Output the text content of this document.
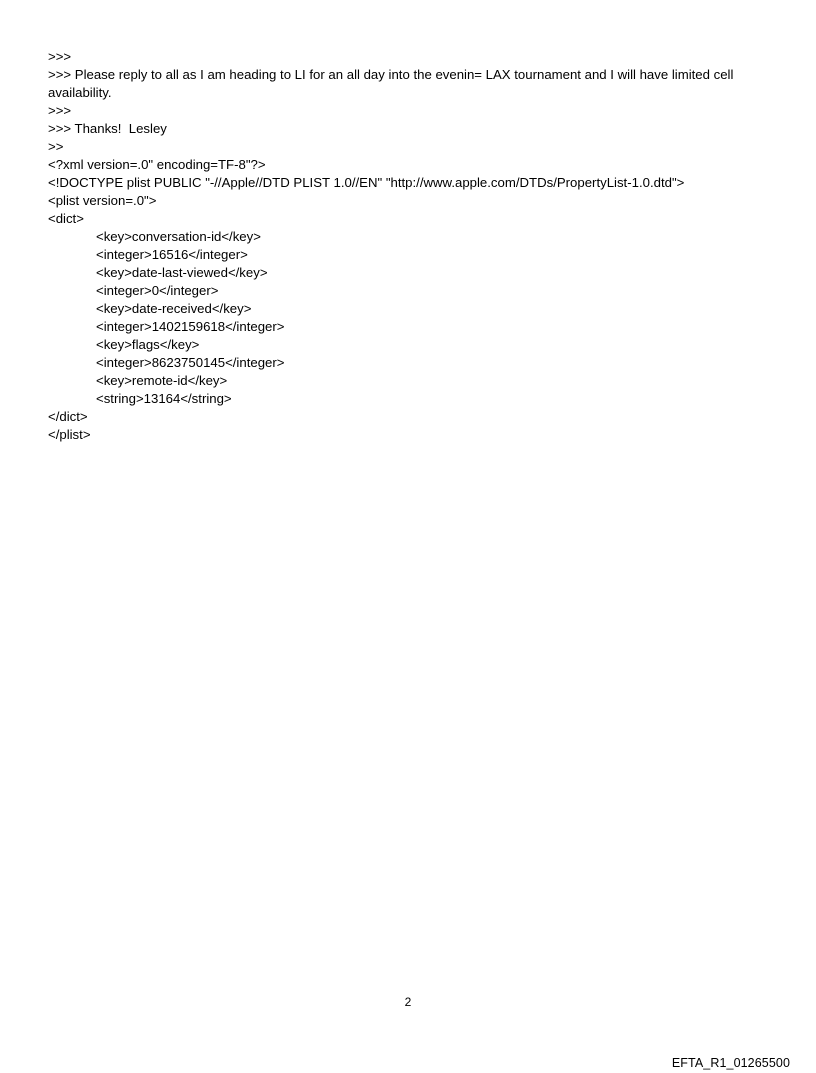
>>>
>>> Please reply to all as I am heading to LI for an all day into the evenin= LAX tournament and I will have limited cell availability.
>>>
>>> Thanks!  Lesley
>>
<?xml version=.0" encoding=TF-8"?>
<!DOCTYPE plist PUBLIC "-//Apple//DTD PLIST 1.0//EN" "http://www.apple.com/DTDs/PropertyList-1.0.dtd">
<plist version=.0">
<dict>
<key>conversation-id</key>
<integer>16516</integer>
<key>date-last-viewed</key>
<integer>0</integer>
<key>date-received</key>
<integer>1402159618</integer>
<key>flags</key>
<integer>8623750145</integer>
<key>remote-id</key>
<string>13164</string>
</dict>
</plist>
2
EFTA_R1_01265500
